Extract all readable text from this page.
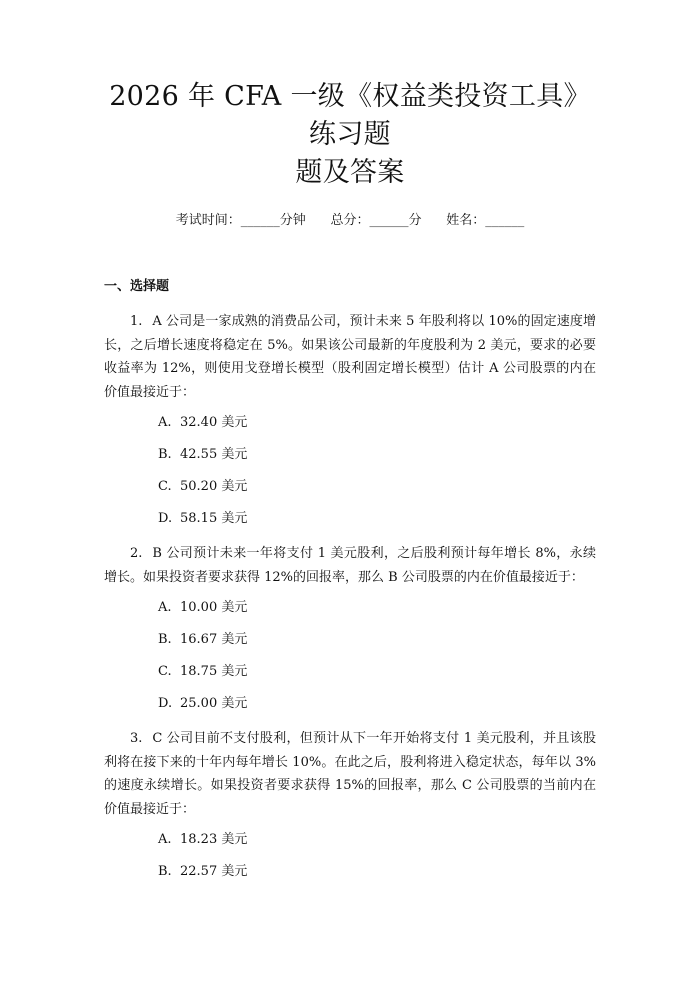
2026 年 CFA 一级《权益类投资工具》练习题
题及答案
考试时间：______分钟      总分：______分      姓名：______
一、选择题
1. A 公司是一家成熟的消费品公司，预计未来 5 年股利将以 10%的固定速度增长，之后增长速度将稳定在 5%。如果该公司最新的年度股利为 2 美元，要求的必要收益率为 12%，则使用戈登增长模型（股利固定增长模型）估计 A 公司股票的内在价值最接近于：
A. 32.40 美元
B. 42.55 美元
C. 50.20 美元
D. 58.15 美元
2. B 公司预计未来一年将支付 1 美元股利，之后股利预计每年增长 8%，永续增长。如果投资者要求获得 12%的回报率，那么 B 公司股票的内在价值最接近于：
A. 10.00 美元
B. 16.67 美元
C. 18.75 美元
D. 25.00 美元
3. C 公司目前不支付股利，但预计从下一年开始将支付 1 美元股利，并且该股利将在接下来的十年内每年增长 10%。在此之后，股利将进入稳定状态，每年以 3%的速度永续增长。如果投资者要求获得 15%的回报率，那么 C 公司股票的当前内在价值最接近于：
A. 18.23 美元
B. 22.57 美元
